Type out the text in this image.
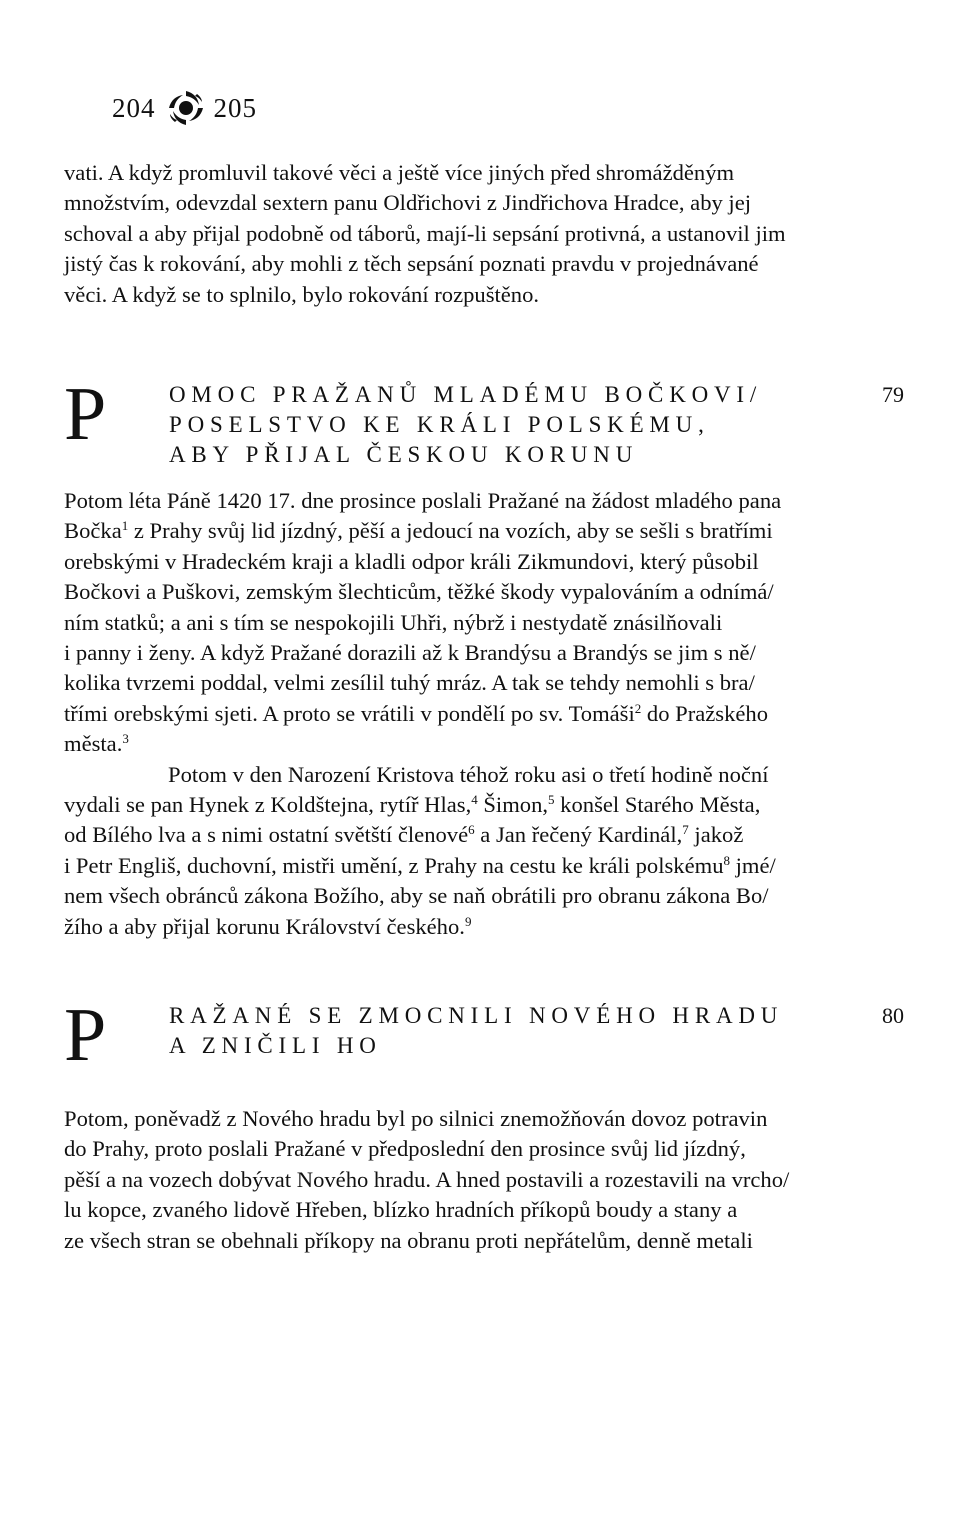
204 205
vati. A když promluvil takové věci a ještě více jiných před shromážděným
množstvím, odevzdal sextern panu Oldřichovi z Jindřichova Hradce, aby jej
schoval a aby přijal podobně od táborů, mají-li sepsání protivná, a ustanovil jim
jistý čas k rokování, aby mohli z těch sepsání poznati pravdu v projednávané
věci. A když se to splnilo, bylo rokování rozpuštěno.
P	OMOC PRAŽANŮ MLADÉMU BOČKOVI/
POSELSTVO KE KRÁLI POLSKÉMU,
ABY PŘIJAL ČESKOU KORUNU
79
Potom léta Páně 1420 17. dne prosince poslali Pražané na žádost mladého pana
Bočka$^1$ z Prahy svůj lid jízdný, pěší a jedoucí na vozích, aby se sešli s bratřími
orebskými v Hradeckém kraji a kladli odpor králi Zikmundovi, který působil
Bočkovi a Puškovi, zemským šlechticům, těžké škody vypalováním a odnímá/
ním statků; a ani s tím se nespokojili Uhři, nýbrž i nestydatě znásilňovali
i panny i ženy. A když Pražané dorazili až k Brandýsu a Brandýs se jim s ně/
kolika tvrzemi poddal, velmi zesílil tuhý mráz. A tak se tehdy nemohli s bra/
třími orebskými sjeti. A proto se vrátili v pondělí po sv. Tomáši$^2$ do Pražského
města.$^3$
Potom v den Narození Kristova téhož roku asi o třetí hodině noční
vydali se pan Hynek z Koldštejna, rytíř Hlas,$^4$ Šimon,$^5$ konšel Starého Města,
od Bílého lva a s nimi ostatní světští členové$^6$ a Jan řečený Kardinál,$^7$ jakož
i Petr Engliš, duchovní, mistři umění, z Prahy na cestu ke králi polskému$^8$ jmé/
nem všech obránců zákona Božího, aby se naň obrátili pro obranu zákona Bo/
žího a aby přijal korunu Království českého.$^9$
P	RAŽANÉ SE ZMOCNILI NOVÉHO HRADU
A ZNIČILI HO
80
Potom, poněvadž z Nového hradu byl po silnici znemožňován dovoz potravin
do Prahy, proto poslali Pražané v předposlední den prosince svůj lid jízdný,
pěší a na vozech dobývat Nového hradu. A hned postavili a rozestavili na vrcho/
lu kopce, zvaného lidově Hřeben, blízko hradních příkopů boudy a stany a
ze všech stran se obehnali příkopy na obranu proti nepřátelům, denně metali
